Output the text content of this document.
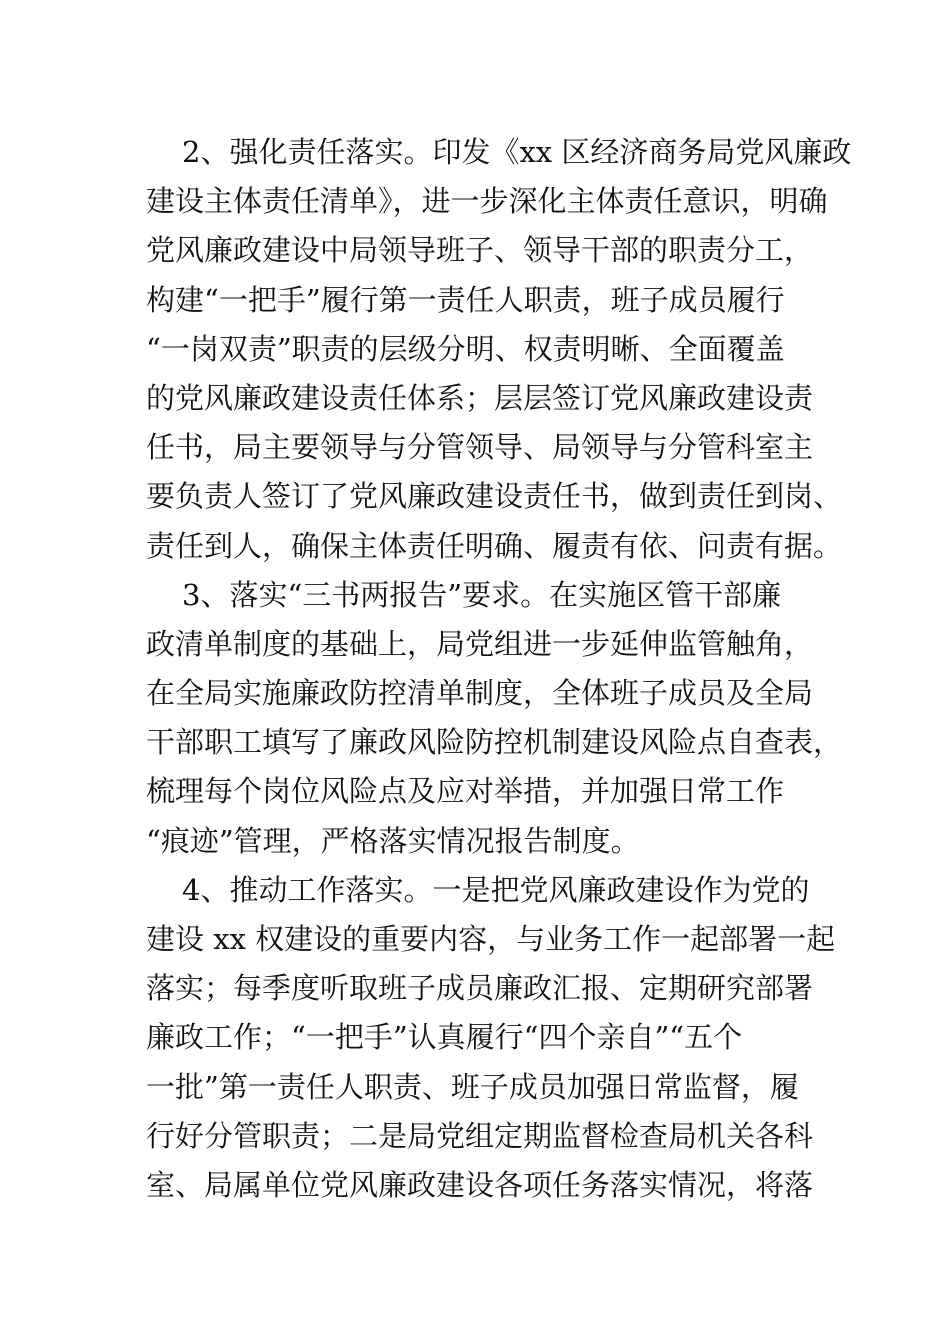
2、强化责任落实。印发《xx 区经济商务局党风廉政
建设主体责任清单》，进一步深化主体责任意识，明确
党风廉政建设中局领导班子、领导干部的职责分工，
构建“一把手”履行第一责任人职责，班子成员履行
“一岗双责”职责的层级分明、权责明晰、全面覆盖
的党风廉政建设责任体系；层层签订党风廉政建设责
任书，局主要领导与分管领导、局领导与分管科室主
要负责人签订了党风廉政建设责任书，做到责任到岗、
责任到人，确保主体责任明确、履责有依、问责有据。
3、落实“三书两报告”要求。在实施区管干部廉
政清单制度的基础上，局党组进一步延伸监管触角，
在全局实施廉政防控清单制度，全体班子成员及全局
干部职工填写了廉政风险防控机制建设风险点自查表，
梳理每个岗位风险点及应对举措，并加强日常工作
“痕迹”管理，严格落实情况报告制度。
4、推动工作落实。一是把党风廉政建设作为党的
建设 xx 权建设的重要内容，与业务工作一起部署一起
落实；每季度听取班子成员廉政汇报、定期研究部署
廉政工作；“一把手”认真履行“四个亲自”“五个
一批”第一责任人职责、班子成员加强日常监督，履
行好分管职责；二是局党组定期监督检查局机关各科
室、局属单位党风廉政建设各项任务落实情况，将落
